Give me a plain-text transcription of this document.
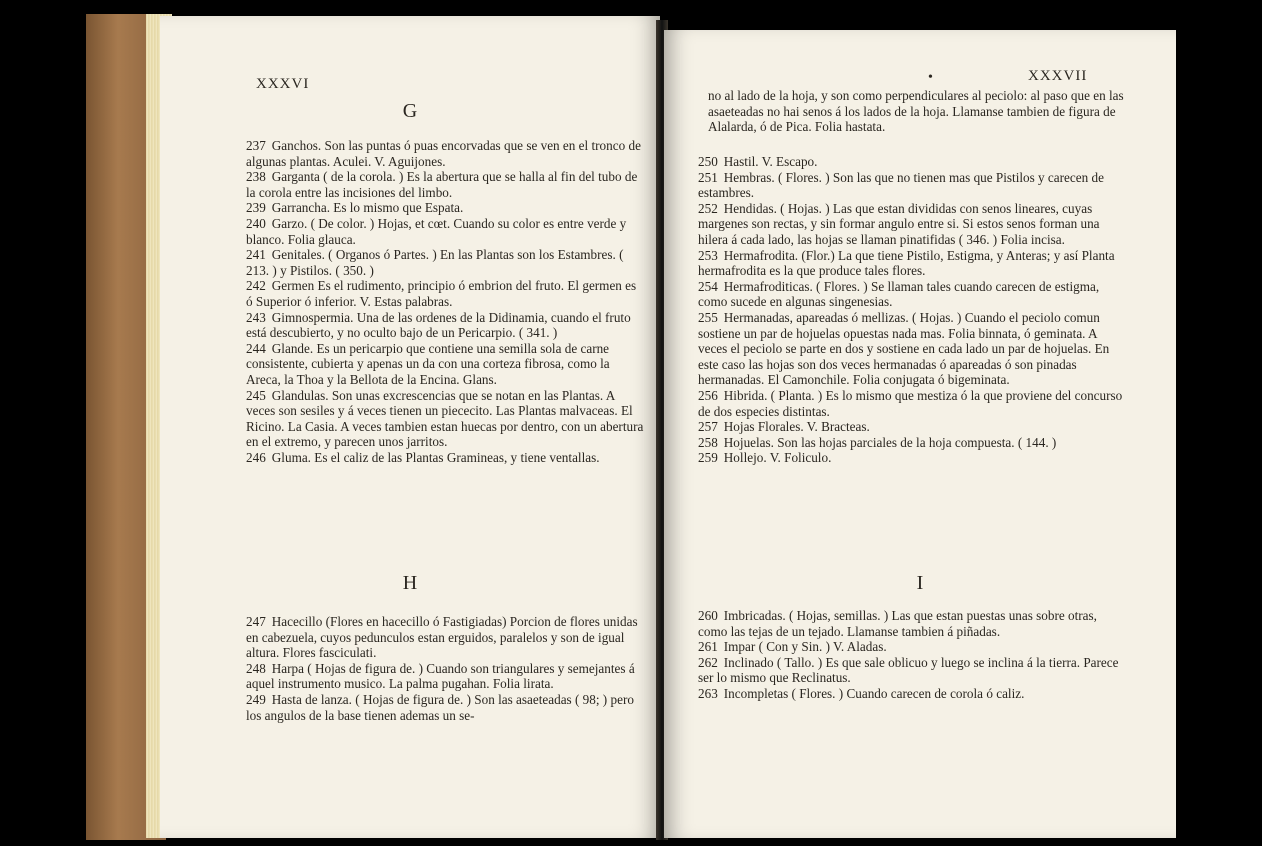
XXXVI
G

237 Ganchos. Son las puntas ó puas encorvadas que se ven en el tronco de algunas plantas. Aculei. V. Aguijones.

238 Garganta ( de la corola. ) Es la abertura que se halla al fin del tubo de la corola entre las incisiones del limbo.

239 Garrancha. Es lo mismo que Espata.

240 Garzo. ( De color. ) Hojas, et cœt. Cuando su color es entre verde y blanco. Folia glauca.

241 Genitales. ( Organos ó Partes. ) En las Plantas son los Estambres. ( 213. ) y Pistilos. ( 350. )

242 Germen Es el rudimento, principio ó embrion del fruto. El germen es ó Superior ó inferior. V. Estas palabras.

243 Gimnospermia. Una de las ordenes de la Didinamia, cuando el fruto está descubierto, y no oculto bajo de un Pericarpio. ( 341. )

244 Glande. Es un pericarpio que contiene una semilla sola de carne consistente, cubierta y apenas un da con una corteza fibrosa, como la Areca, la Thoa y la Bellota de la Encina. Glans.

245 Glandulas. Son unas excrescencias que se notan en las Plantas. A veces son sesiles y á veces tienen un piececito. Las Plantas malvaceas. El Ricino. La Casia. A veces tambien estan huecas por dentro, con un abertura en el extremo, y parecen unos jarritos.

246 Gluma. Es el caliz de las Plantas Gramineas, y tiene ventallas.

H

247 Hacecillo (Flores en hacecillo ó Fastigiadas) Porcion de flores unidas en cabezuela, cuyos pedunculos estan erguidos, paralelos y son de igual altura. Flores fasciculati.

248 Harpa ( Hojas de figura de. ) Cuando son triangulares y semejantes á aquel instrumento musico. La palma pugahan. Folia lirata.

249 Hasta de lanza. ( Hojas de figura de. ) Son las asaeteadas ( 98; ) pero los angulos de la base tienen ademas un se-

•	XXXVII

no al lado de la hoja, y son como perpendiculares al peciolo: al paso que en las asaeteadas no hai senos á los lados de la hoja. Llamanse tambien de figura de Alalarda, ó de Pica. Folia hastata.

250 Hastil. V. Escapo.

251 Hembras. ( Flores. ) Son las que no tienen mas que Pistilos y carecen de estambres.

252 Hendidas. ( Hojas. ) Las que estan divididas con senos lineares, cuyas margenes son rectas, y sin formar angulo entre si. Si estos senos forman una hilera á cada lado, las hojas se llaman pinatifidas ( 346. ) Folia incisa.

253 Hermafrodita. (Flor.) La que tiene Pistilo, Estigma, y Anteras; y así Planta hermafrodita es la que produce tales flores.

254 Hermafroditicas. ( Flores. ) Se llaman tales cuando carecen de estigma, como sucede en algunas singenesias.

255 Hermanadas, apareadas ó mellizas. ( Hojas. ) Cuando el peciolo comun sostiene un par de hojuelas opuestas nada mas. Folia binnata, ó geminata. A veces el peciolo se parte en dos y sostiene en cada lado un par de hojuelas. En este caso las hojas son dos veces hermanadas ó apareadas ó son pinadas hermanadas. El Camonchile. Folia conjugata ó bigeminata.

256 Hibrida. ( Planta. ) Es lo mismo que mestiza ó la que proviene del concurso de dos especies distintas.

257 Hojas Florales. V. Bracteas.

258 Hojuelas. Son las hojas parciales de la hoja compuesta. ( 144. )

259 Hollejo. V. Foliculo.

I

260 Imbricadas. ( Hojas, semillas. ) Las que estan puestas unas sobre otras, como las tejas de un tejado. Llamanse tambien á piñadas.

261 Impar ( Con y Sin. ) V. Aladas.

262 Inclinado ( Tallo. ) Es que sale oblicuo y luego se inclina á la tierra. Parece ser lo mismo que Reclinatus.

263 Incompletas ( Flores. ) Cuando carecen de corola ó caliz.
